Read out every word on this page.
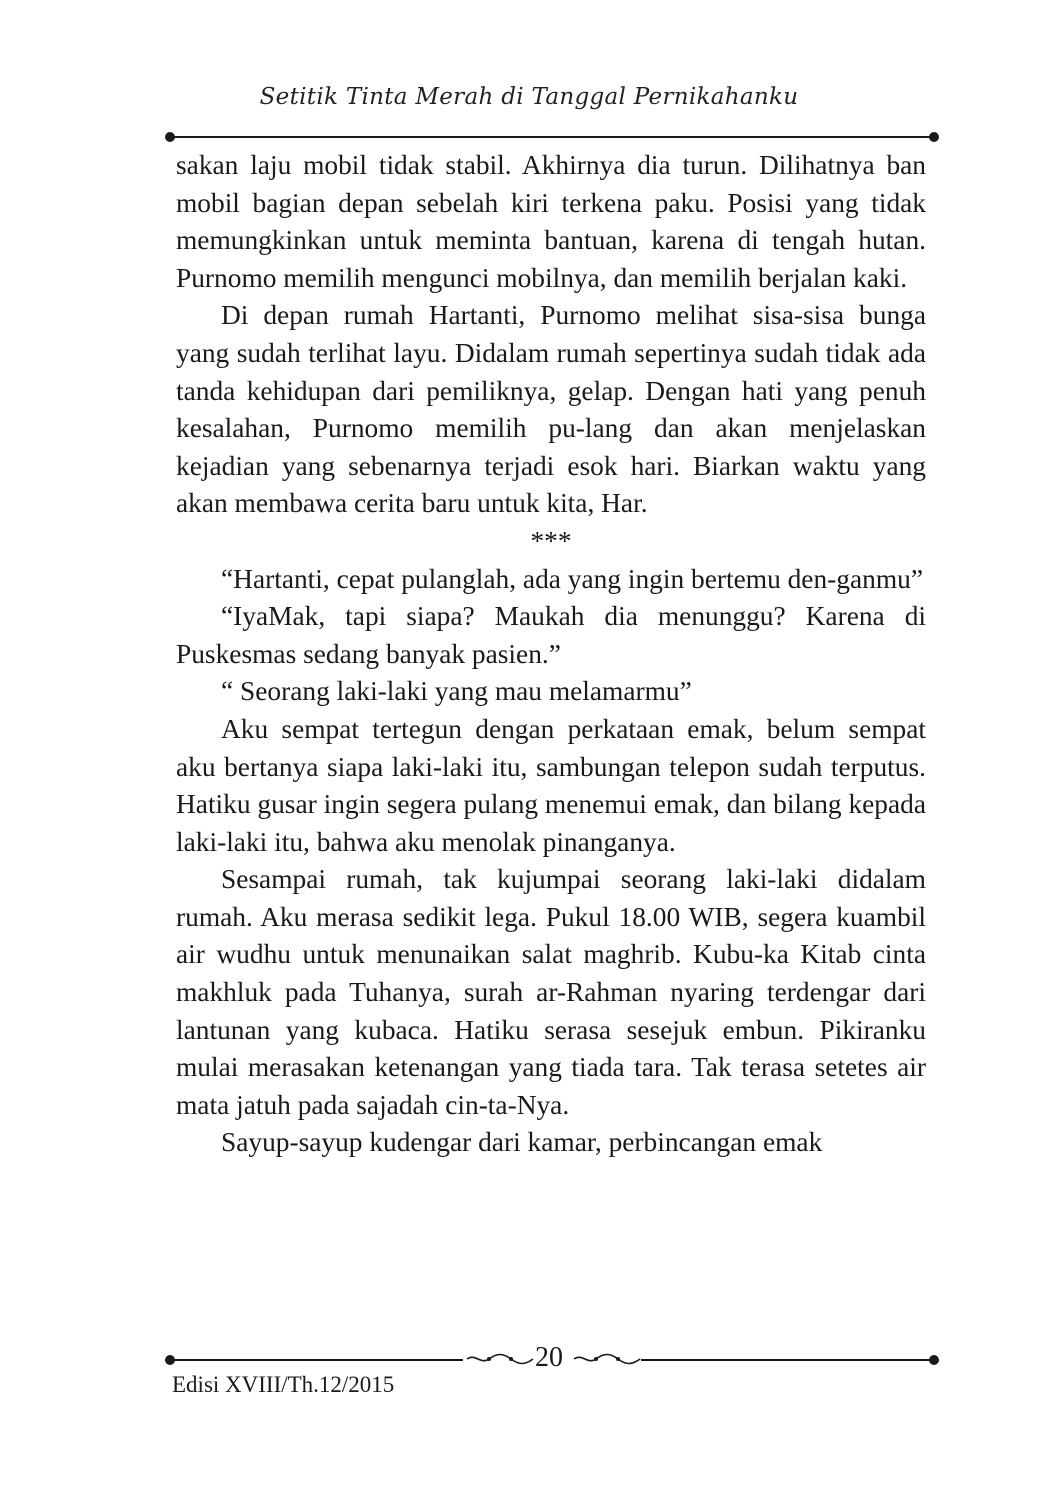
Setitik Tinta Merah di Tanggal Pernikahanku

sakan laju mobil tidak stabil. Akhirnya dia turun. Dilihatnya ban mobil bagian depan sebelah kiri terkena paku. Posisi yang tidak memungkinkan untuk meminta bantuan, karena di tengah hutan. Purnomo memilih mengunci mobilnya, dan memilih berjalan kaki.

Di depan rumah Hartanti, Purnomo melihat sisa-sisa bunga yang sudah terlihat layu. Didalam rumah sepertinya sudah tidak ada tanda kehidupan dari pemiliknya, gelap. Dengan hati yang penuh kesalahan, Purnomo memilih pu-lang dan akan menjelaskan kejadian yang sebenarnya terjadi esok hari. Biarkan waktu yang akan membawa cerita baru untuk kita, Har.

***

“Hartanti, cepat pulanglah, ada yang ingin bertemu den-ganmu”

“IyaMak, tapi siapa? Maukah dia menunggu? Karena di Puskesmas sedang banyak pasien.”

“ Seorang laki-laki yang mau melamarmu”

Aku sempat tertegun dengan perkataan emak, belum sempat aku bertanya siapa laki-laki itu, sambungan telepon sudah terputus. Hatiku gusar ingin segera pulang menemui emak, dan bilang kepada laki-laki itu, bahwa aku menolak pinanganya.

Sesampai rumah, tak kujumpai seorang laki-laki didalam rumah. Aku merasa sedikit lega. Pukul 18.00 WIB, segera kuambil air wudhu untuk menunaikan salat maghrib. Kubu-ka Kitab cinta makhluk pada Tuhanya, surah ar-Rahman nyaring terdengar dari lantunan yang kubaca. Hatiku serasa sesejuk embun. Pikiranku mulai merasakan ketenangan yang tiada tara. Tak terasa setetes air mata jatuh pada sajadah cin-ta-Nya.

Sayup-sayup kudengar dari kamar, perbincangan emak

20
Edisi XVIII/Th.12/2015
